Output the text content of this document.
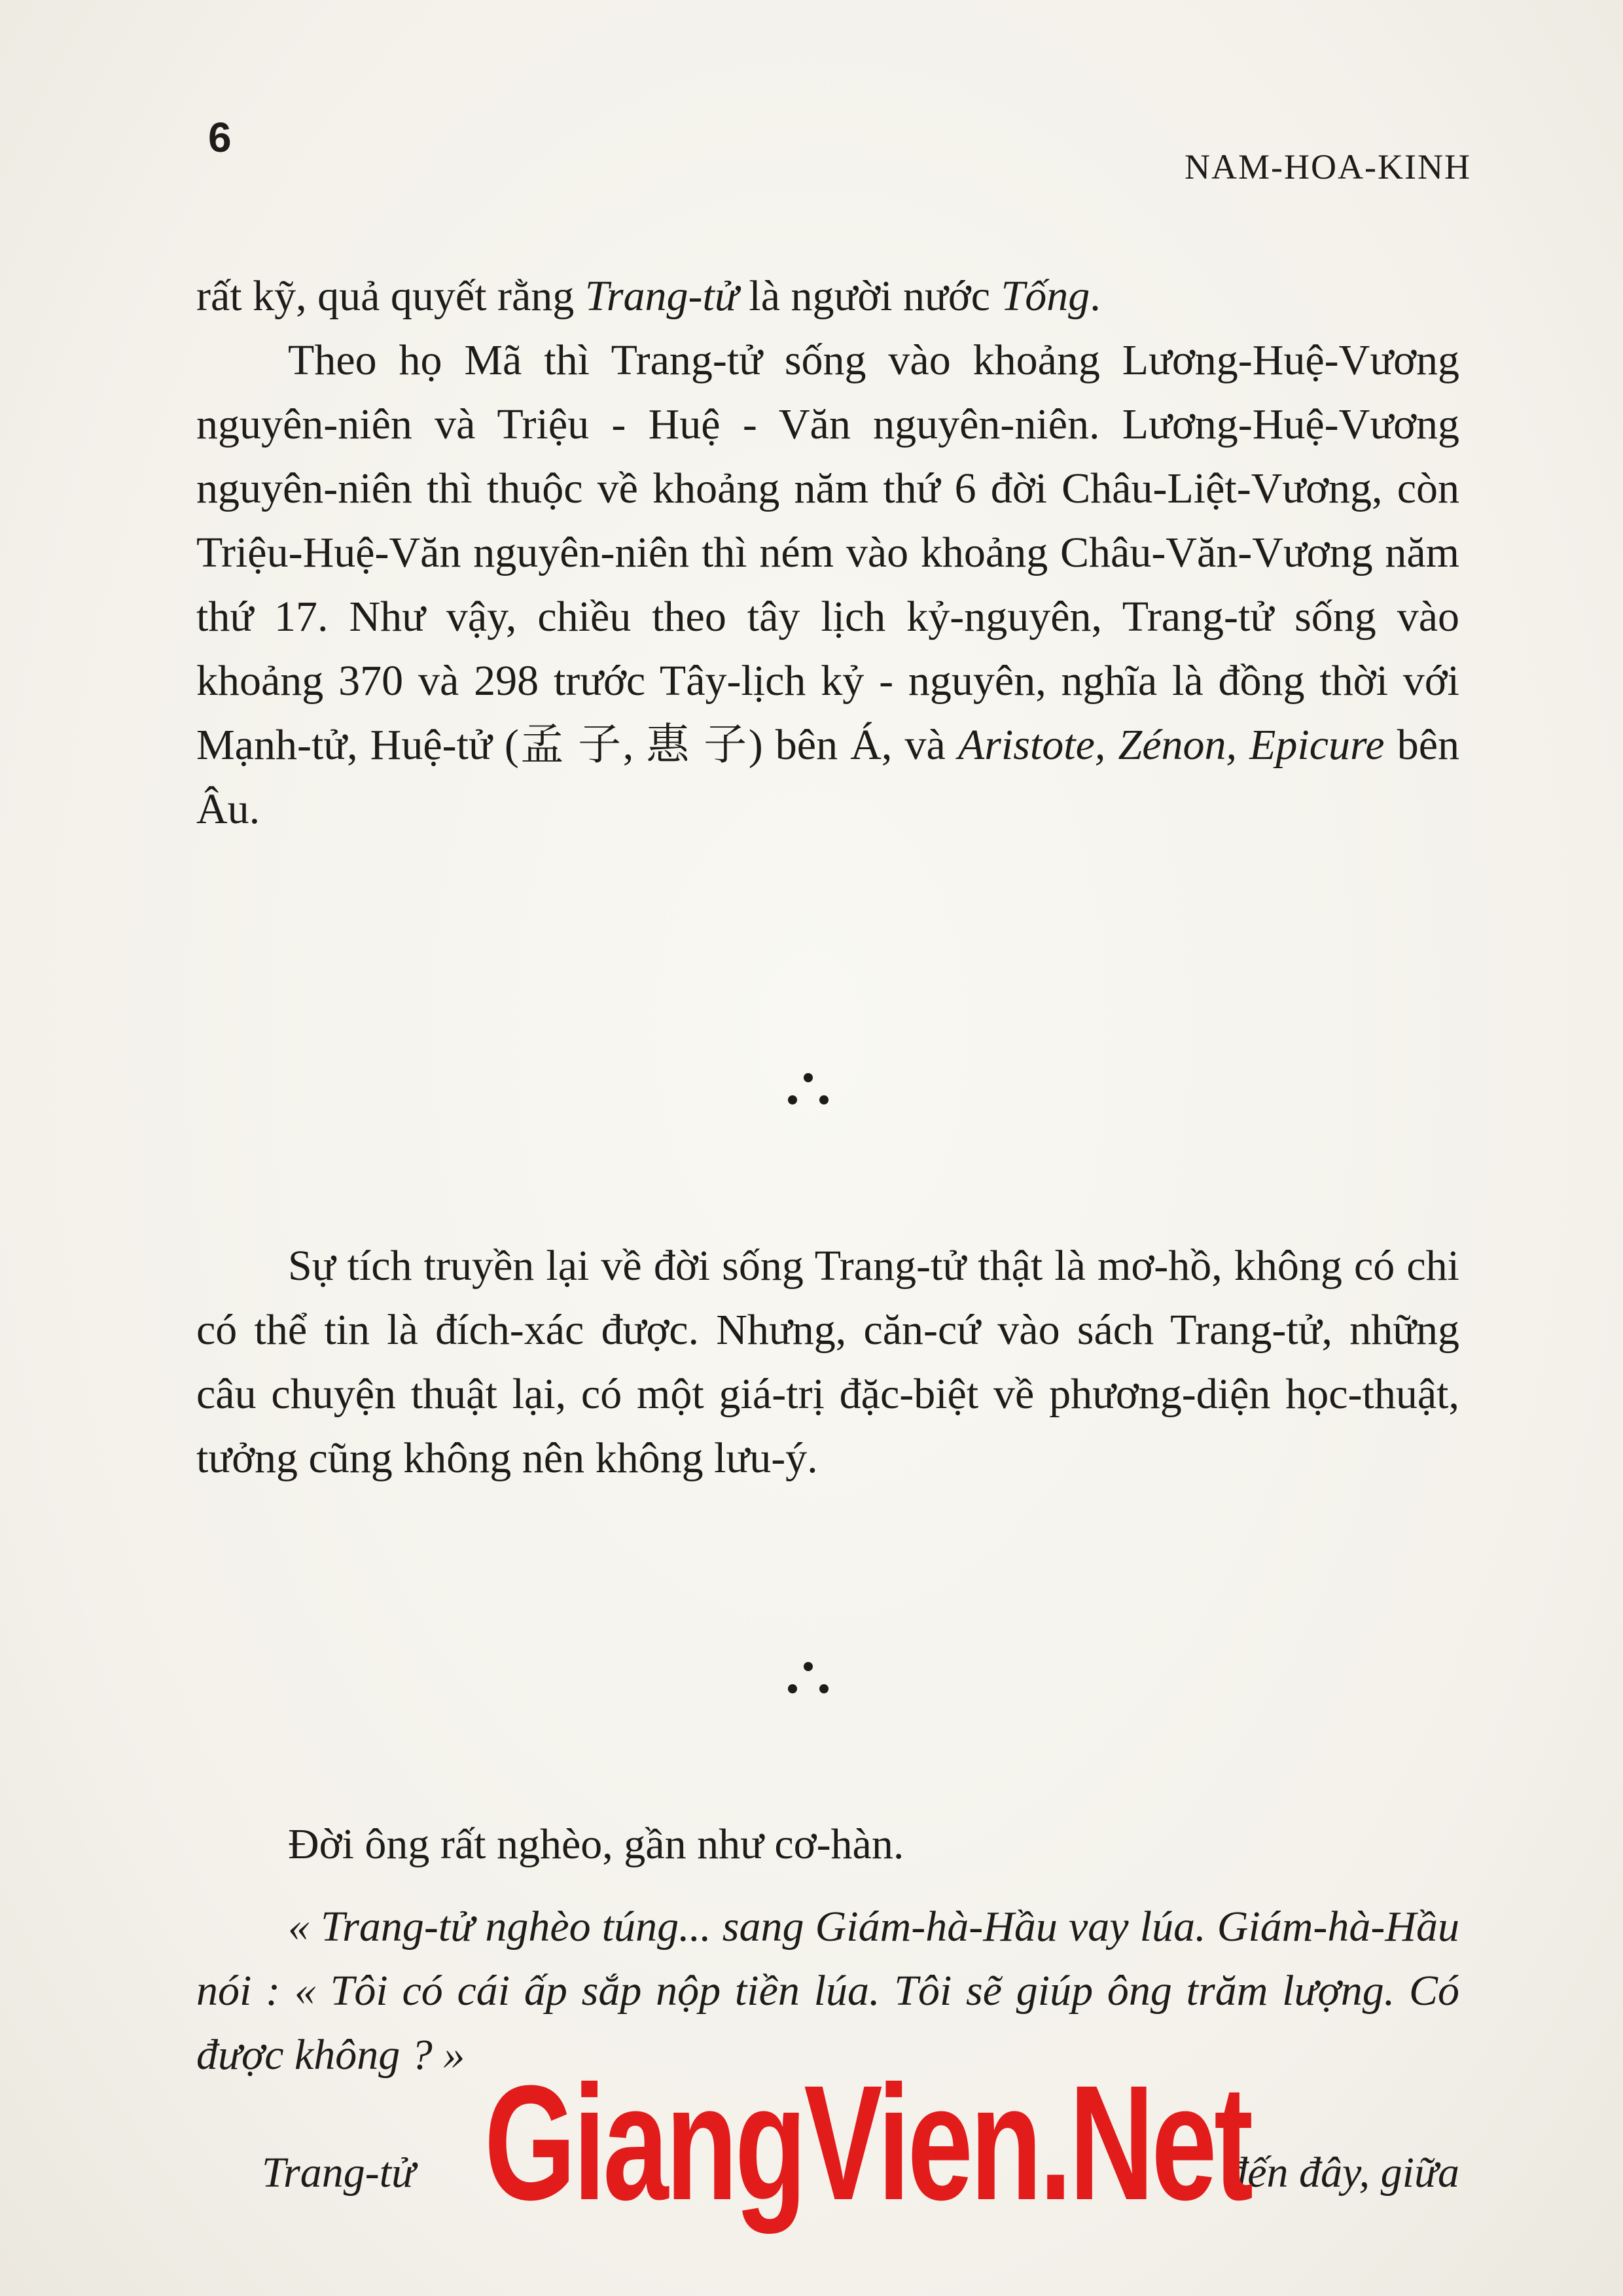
6
NAM-HOA-KINH

rất kỹ, quả quyết rằng Trang-tử là người nước Tống.

Theo họ Mã thì Trang-tử sống vào khoảng Lương-Huệ-Vương nguyên-niên và Triệu - Huệ - Văn nguyên-niên. Lương-Huệ-Vương nguyên-niên thì thuộc về khoảng năm thứ 6 đời Châu-Liệt-Vương, còn Triệu-Huệ-Văn nguyên-niên thì ném vào khoảng Châu-Văn-Vương năm thứ 17. Như vậy, chiều theo tây lịch kỷ-nguyên, Trang-tử sống vào khoảng 370 và 298 trước Tây-lịch kỷ - nguyên, nghĩa là đồng thời với Mạnh-tử, Huệ-tử (孟 子, 惠 子) bên Á, và Aristote, Zénon, Epicure bên Âu.

Sự tích truyền lại về đời sống Trang-tử thật là mơ-hồ, không có chi có thể tin là đích-xác được. Nhưng, căn-cứ vào sách Trang-tử, những câu chuyện thuật lại, có một giá-trị đặc-biệt về phương-diện học-thuật, tưởng cũng không nên không lưu-ý.

Đời ông rất nghèo, gần như cơ-hàn.

« Trang-tử nghèo túng... sang Giám-hà-Hầu vay lúa. Giám-hà-Hầu nói : « Tôi có cái ấp sắp nộp tiền lúa. Tôi sẽ giúp ông trăm lượng. Có được không ? »

Trang-tử	đến đây, giữa
GiangVien.Net
